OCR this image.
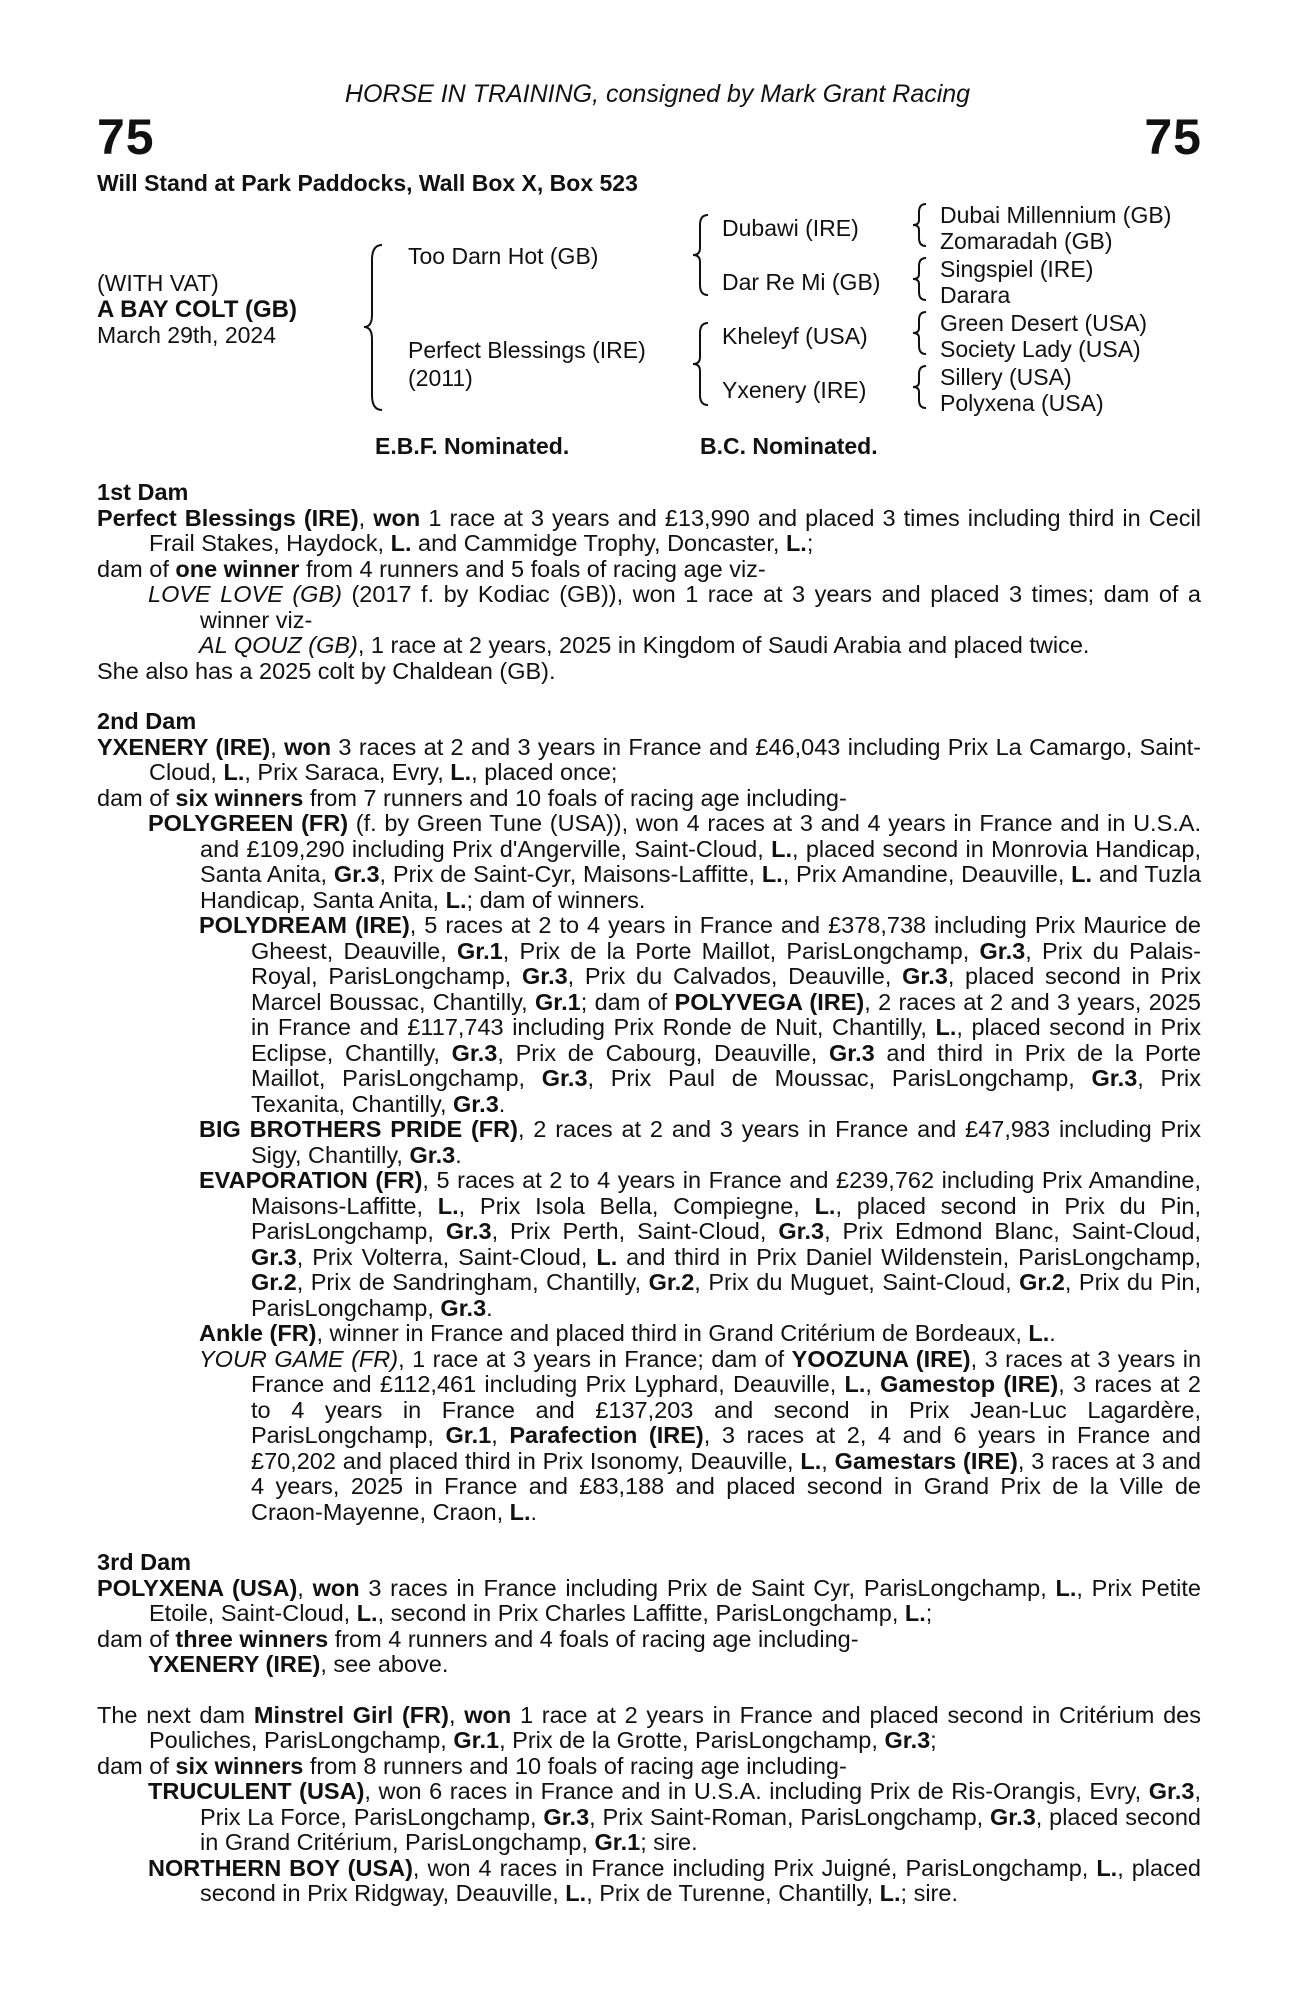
HORSE IN TRAINING, consigned by Mark Grant Racing
75	75
Will Stand at Park Paddocks, Wall Box X, Box 523
(WITH VAT)
A BAY COLT (GB)
March 29th, 2024
Too Darn Hot (GB)
Perfect Blessings (IRE)
(2011)
Dubawi (IRE)
Dar Re Mi (GB)
Kheleyf (USA)
Yxenery (IRE)
Dubai Millennium (GB)
Zomaradah (GB)
Singspiel (IRE)
Darara
Green Desert (USA)
Society Lady (USA)
Sillery (USA)
Polyxena (USA)
E.B.F. Nominated.	B.C. Nominated.

1st Dam

Perfect Blessings (IRE), won 1 race at 3 years and £13,990 and placed 3 times including third in Cecil Frail Stakes, Haydock, L. and Cammidge Trophy, Doncaster, L.;

dam of one winner from 4 runners and 5 foals of racing age viz-

LOVE LOVE (GB) (2017 f. by Kodiac (GB)), won 1 race at 3 years and placed 3 times; dam of a winner viz-

AL QOUZ (GB), 1 race at 2 years, 2025 in Kingdom of Saudi Arabia and placed twice.

She also has a 2025 colt by Chaldean (GB).

2nd Dam

YXENERY (IRE), won 3 races at 2 and 3 years in France and £46,043 including Prix La Camargo, Saint-Cloud, L., Prix Saraca, Evry, L., placed once;

dam of six winners from 7 runners and 10 foals of racing age including-

POLYGREEN (FR) (f. by Green Tune (USA)), won 4 races at 3 and 4 years in France and in U.S.A. and £109,290 including Prix d'Angerville, Saint-Cloud, L., placed second in Monrovia Handicap, Santa Anita, Gr.3, Prix de Saint-Cyr, Maisons-Laffitte, L., Prix Amandine, Deauville, L. and Tuzla Handicap, Santa Anita, L.; dam of winners.

POLYDREAM (IRE), 5 races at 2 to 4 years in France and £378,738 including Prix Maurice de Gheest, Deauville, Gr.1, Prix de la Porte Maillot, ParisLongchamp, Gr.3, Prix du Palais-Royal, ParisLongchamp, Gr.3, Prix du Calvados, Deauville, Gr.3, placed second in Prix Marcel Boussac, Chantilly, Gr.1; dam of POLYVEGA (IRE), 2 races at 2 and 3 years, 2025 in France and £117,743 including Prix Ronde de Nuit, Chantilly, L., placed second in Prix Eclipse, Chantilly, Gr.3, Prix de Cabourg, Deauville, Gr.3 and third in Prix de la Porte Maillot, ParisLongchamp, Gr.3, Prix Paul de Moussac, ParisLongchamp, Gr.3, Prix Texanita, Chantilly, Gr.3.

BIG BROTHERS PRIDE (FR), 2 races at 2 and 3 years in France and £47,983 including Prix Sigy, Chantilly, Gr.3.

EVAPORATION (FR), 5 races at 2 to 4 years in France and £239,762 including Prix Amandine, Maisons-Laffitte, L., Prix Isola Bella, Compiegne, L., placed second in Prix du Pin, ParisLongchamp, Gr.3, Prix Perth, Saint-Cloud, Gr.3, Prix Edmond Blanc, Saint-Cloud, Gr.3, Prix Volterra, Saint-Cloud, L. and third in Prix Daniel Wildenstein, ParisLongchamp, Gr.2, Prix de Sandringham, Chantilly, Gr.2, Prix du Muguet, Saint-Cloud, Gr.2, Prix du Pin, ParisLongchamp, Gr.3.

Ankle (FR), winner in France and placed third in Grand Critérium de Bordeaux, L..

YOUR GAME (FR), 1 race at 3 years in France; dam of YOOZUNA (IRE), 3 races at 3 years in France and £112,461 including Prix Lyphard, Deauville, L., Gamestop (IRE), 3 races at 2 to 4 years in France and £137,203 and second in Prix Jean-Luc Lagardère, ParisLongchamp, Gr.1, Parafection (IRE), 3 races at 2, 4 and 6 years in France and £70,202 and placed third in Prix Isonomy, Deauville, L., Gamestars (IRE), 3 races at 3 and 4 years, 2025 in France and £83,188 and placed second in Grand Prix de la Ville de Craon-Mayenne, Craon, L..

3rd Dam

POLYXENA (USA), won 3 races in France including Prix de Saint Cyr, ParisLongchamp, L., Prix Petite Etoile, Saint-Cloud, L., second in Prix Charles Laffitte, ParisLongchamp, L.;

dam of three winners from 4 runners and 4 foals of racing age including-

YXENERY (IRE), see above.

The next dam Minstrel Girl (FR), won 1 race at 2 years in France and placed second in Critérium des Pouliches, ParisLongchamp, Gr.1, Prix de la Grotte, ParisLongchamp, Gr.3;

dam of six winners from 8 runners and 10 foals of racing age including-

TRUCULENT (USA), won 6 races in France and in U.S.A. including Prix de Ris-Orangis, Evry, Gr.3, Prix La Force, ParisLongchamp, Gr.3, Prix Saint-Roman, ParisLongchamp, Gr.3, placed second in Grand Critérium, ParisLongchamp, Gr.1; sire.

NORTHERN BOY (USA), won 4 races in France including Prix Juigné, ParisLongchamp, L., placed second in Prix Ridgway, Deauville, L., Prix de Turenne, Chantilly, L.; sire.
